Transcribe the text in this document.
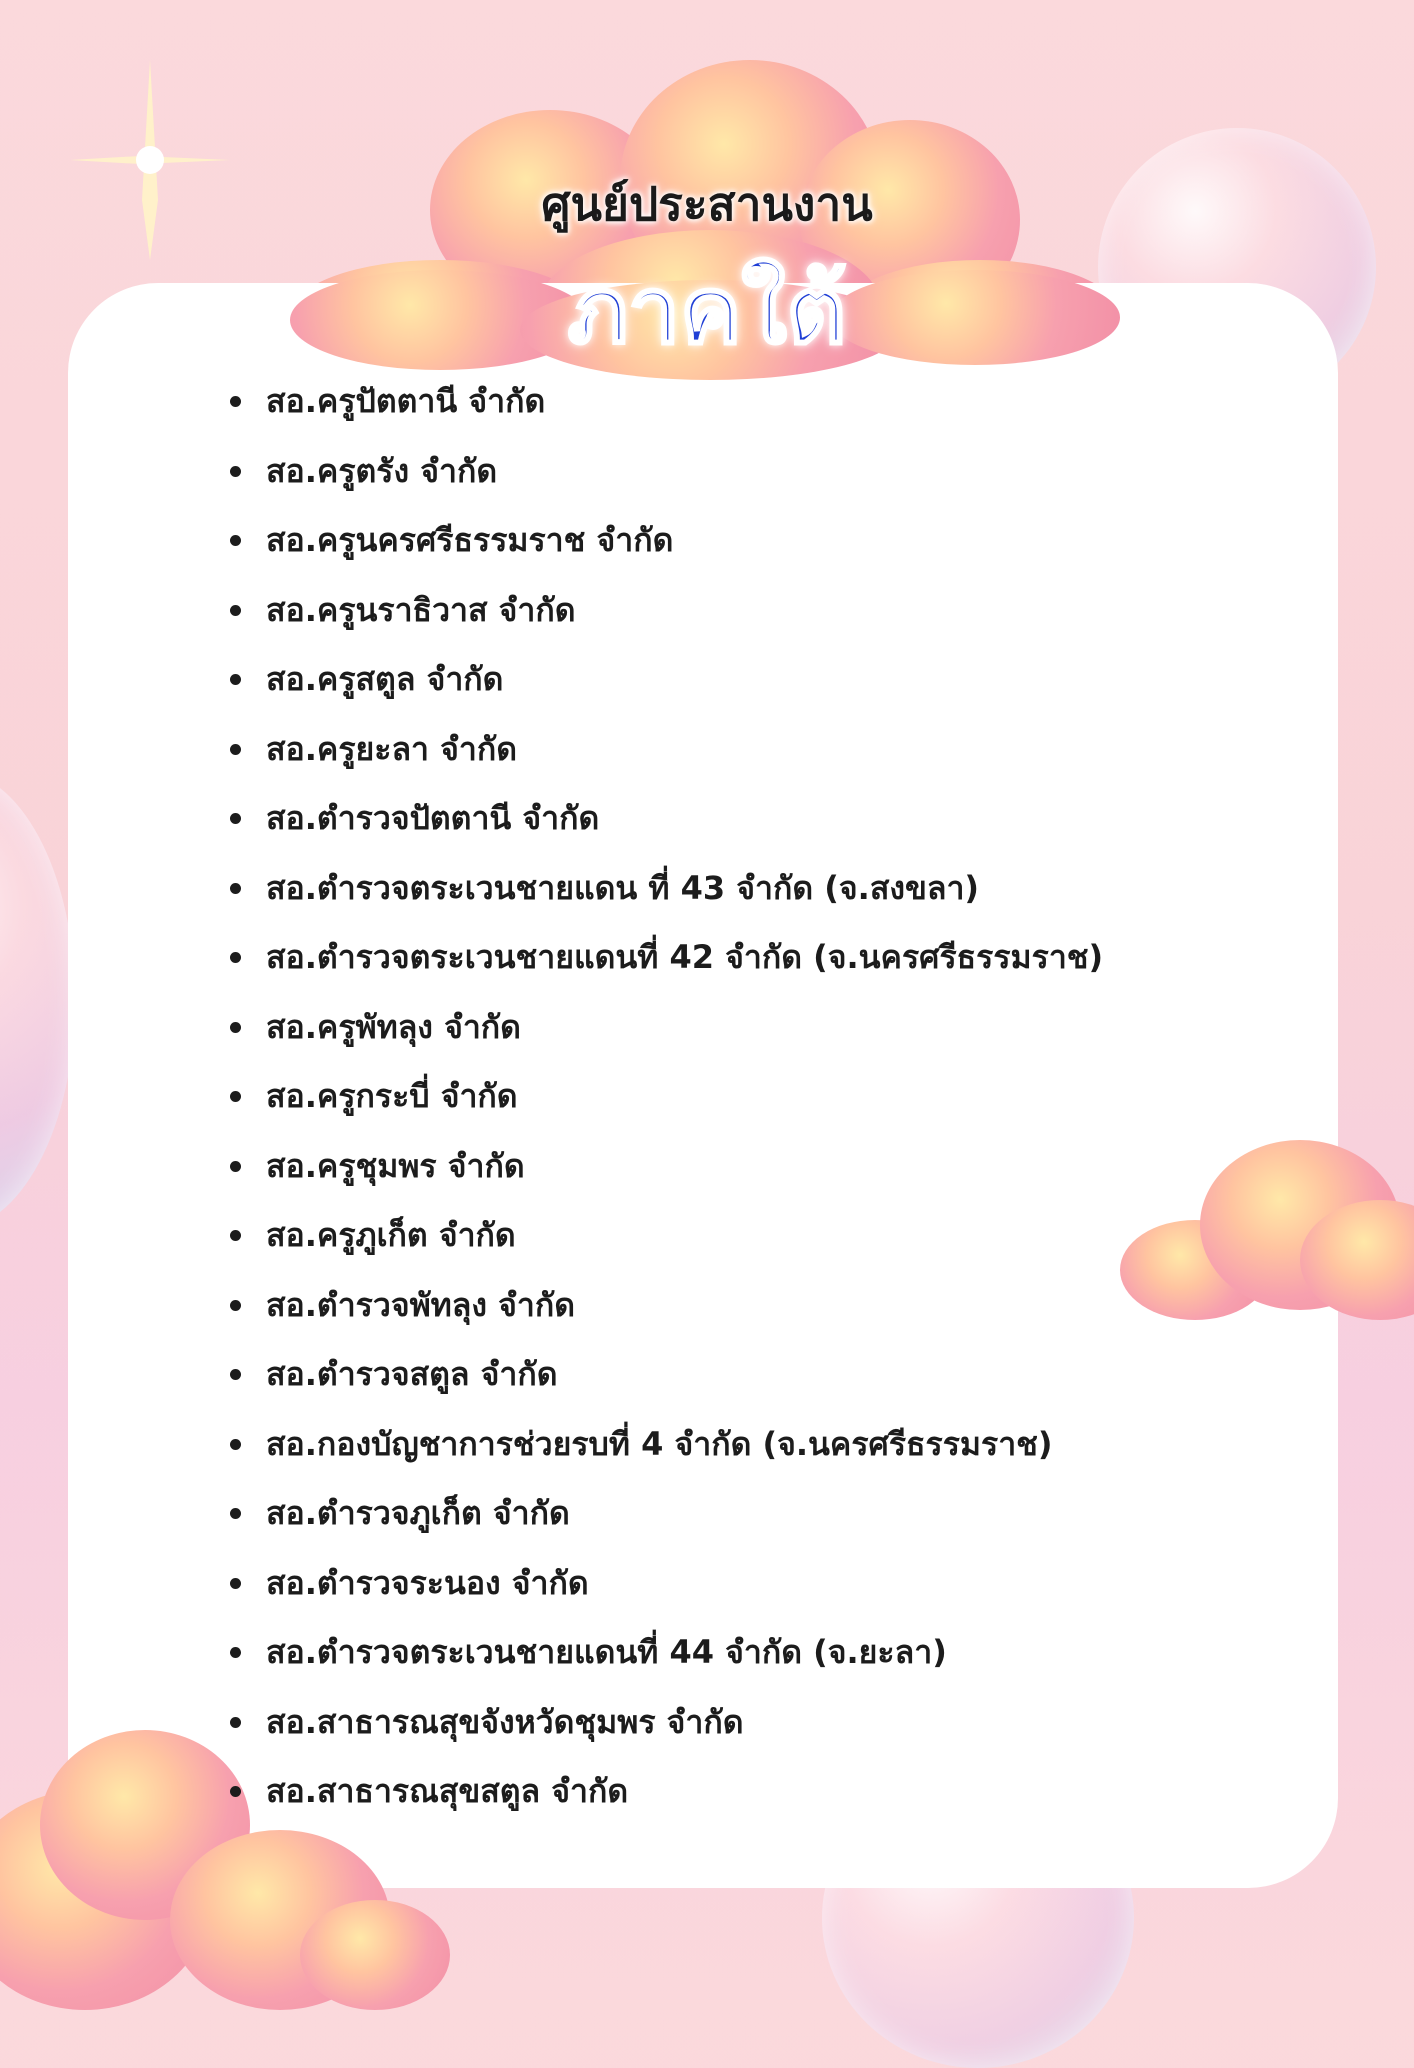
ศูนย์ประสานงาน
ภาคใต้
สอ.ครูปัตตานี จำกัด
สอ.ครูตรัง จำกัด
สอ.ครูนครศรีธรรมราช จำกัด
สอ.ครูนราธิวาส จำกัด
สอ.ครูสตูล จำกัด
สอ.ครูยะลา จำกัด
สอ.ตำรวจปัตตานี จำกัด
สอ.ตำรวจตระเวนชายแดน ที่ 43 จำกัด (จ.สงขลา)
สอ.ตำรวจตระเวนชายแดนที่ 42 จำกัด (จ.นครศรีธรรมราช)
สอ.ครูพัทลุง จำกัด
สอ.ครูกระบี่ จำกัด
สอ.ครูชุมพร จำกัด
สอ.ครูภูเก็ต จำกัด
สอ.ตำรวจพัทลุง จำกัด
สอ.ตำรวจสตูล จำกัด
สอ.กองบัญชาการช่วยรบที่ 4 จำกัด (จ.นครศรีธรรมราช)
สอ.ตำรวจภูเก็ต จำกัด
สอ.ตำรวจระนอง จำกัด
สอ.ตำรวจตระเวนชายแดนที่ 44 จำกัด (จ.ยะลา)
สอ.สาธารณสุขจังหวัดชุมพร จำกัด
สอ.สาธารณสุขสตูล จำกัด
